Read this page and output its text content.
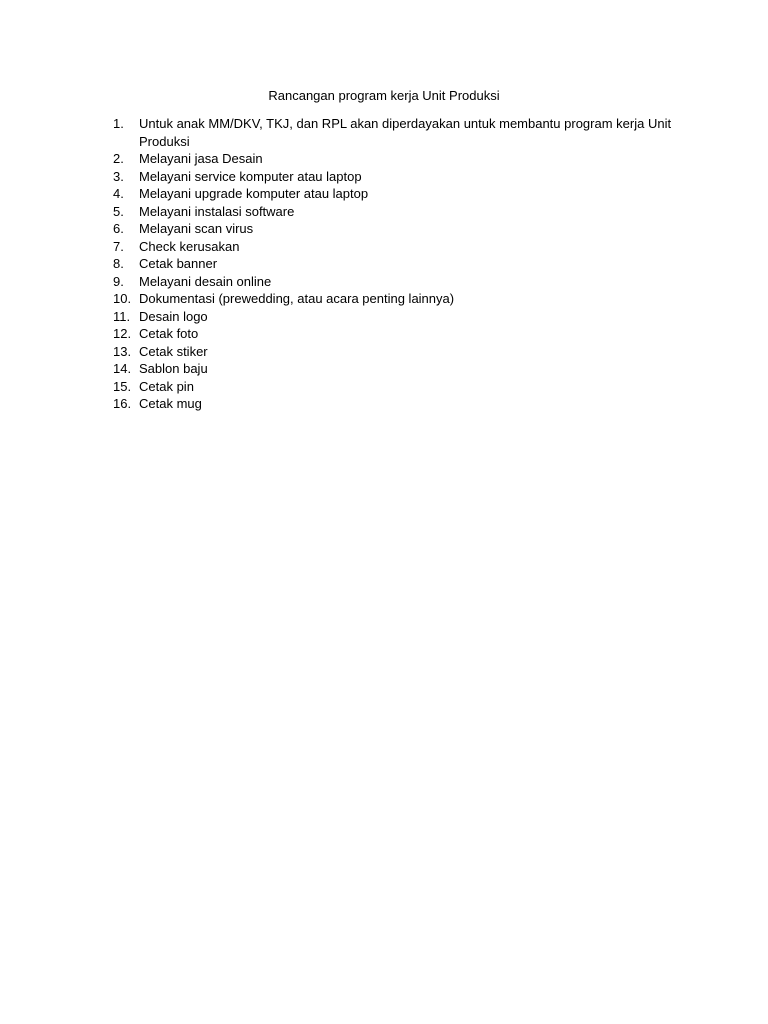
Rancangan program kerja Unit Produksi
1.	Untuk anak MM/DKV, TKJ, dan RPL akan diperdayakan untuk membantu program kerja Unit Produksi
2.	Melayani jasa Desain
3.	Melayani service komputer atau laptop
4.	Melayani upgrade komputer atau laptop
5.	Melayani instalasi software
6.	Melayani scan virus
7.	Check kerusakan
8.	Cetak banner
9.	Melayani desain online
10. Dokumentasi (prewedding, atau acara penting lainnya)
11. Desain logo
12. Cetak foto
13. Cetak stiker
14. Sablon baju
15. Cetak pin
16. Cetak mug
